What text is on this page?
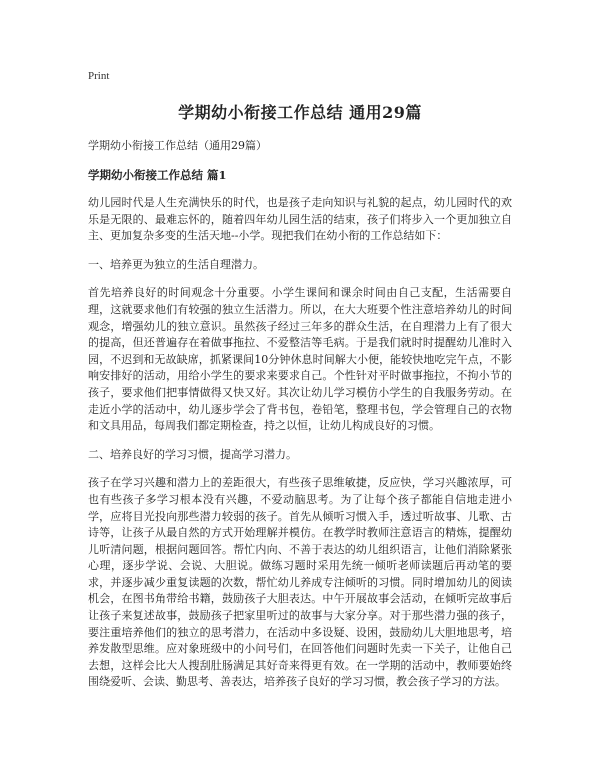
Print
学期幼小衔接工作总结 通用29篇
学期幼小衔接工作总结（通用29篇）
学期幼小衔接工作总结 篇1
幼儿园时代是人生充满快乐的时代，也是孩子走向知识与礼貌的起点，幼儿园时代的欢乐是无限的、最难忘怀的，随着四年幼儿园生活的结束，孩子们将步入一个更加独立自主、更加复杂多变的生活天地--小学。现把我们在幼小衔的工作总结如下：
一、培养更为独立的生活自理潜力。
首先培养良好的时间观念十分重要。小学生课间和课余时间由自己支配，生活需要自理，这就要求他们有较强的独立生活潜力。所以，在大大班要个性注意培养幼儿的时间观念，增强幼儿的独立意识。虽然孩子经过三年多的群众生活，在自理潜力上有了很大的提高，但还普遍存在着做事拖拉、不爱整洁等毛病。于是我们就时时提醒幼儿准时入园，不迟到和无故缺席，抓紧课间10分钟休息时间解大小便，能较快地吃完午点，不影响安排好的活动，用给小学生的要求来要求自己。个性针对平时做事拖拉，不拘小节的孩子，要求他们把事情做得又快又好。其次让幼儿学习模仿小学生的自我服务劳动。在走近小学的活动中，幼儿逐步学会了背书包，卷铅笔，整理书包，学会管理自己的衣物和文具用品，每周我们都定期检查，持之以恒，让幼儿构成良好的习惯。
二、培养良好的学习习惯，提高学习潜力。
孩子在学习兴趣和潜力上的差距很大，有些孩子思维敏捷，反应快，学习兴趣浓厚，可也有些孩子多学习根本没有兴趣，不爱动脑思考。为了让每个孩子都能自信地走进小学，应将目光投向那些潜力较弱的孩子。首先从倾听习惯入手，透过听故事、儿歌、古诗等，让孩子从最自然的方式开始理解并模仿。在教学时教师注意语言的精炼，提醒幼儿听清问题，根据问题回答。帮忙内向、不善于表达的幼儿组织语言，让他们消除紧张心理，逐步学说、会说、大胆说。做练习题时采用先统一倾听老师读题后再动笔的要求，并逐步减少重复读题的次数，帮忙幼儿养成专注倾听的习惯。同时增加幼儿的阅读机会，在图书角带给书籍，鼓励孩子大胆表达。中午开展故事会活动，在倾听完故事后让孩子来复述故事，鼓励孩子把家里听过的故事与大家分享。对于那些潜力强的孩子，要注重培养他们的独立的思考潜力，在活动中多设疑、设困，鼓励幼儿大胆地思考，培养发散型思维。应对象班级中的小问号们，在回答他们问题时先卖一下关子，让他自己去想，这样会比大人搜刮肚肠满足其好奇来得更有效。在一学期的活动中，教师要始终围绕爱听、会读、勤思考、善表达，培养孩子良好的学习习惯，教会孩子学习的方法。
